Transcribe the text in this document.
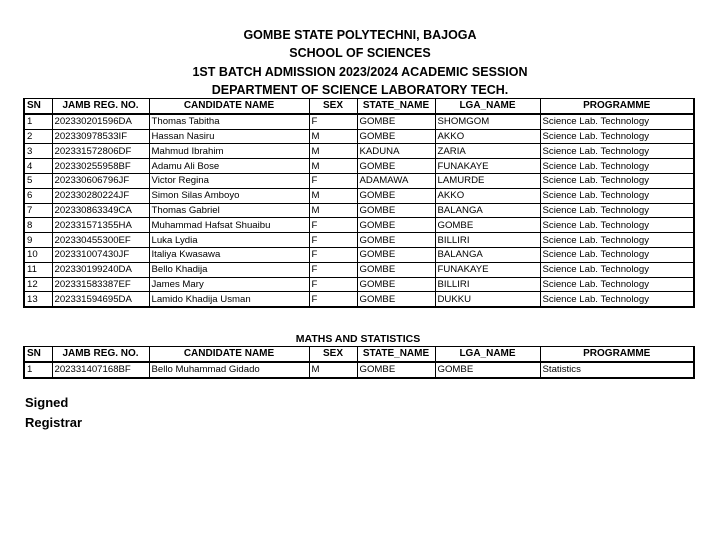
GOMBE STATE POLYTECHNI, BAJOGA
SCHOOL OF SCIENCES
1ST BATCH ADMISSION 2023/2024 ACADEMIC SESSION
DEPARTMENT OF SCIENCE LABORATORY TECH.
SN	JAMB REG. NO.	CANDIDATE NAME	SEX	STATE_NAME	LGA_NAME	PROGRAMME
1	202330201596DA	Thomas Tabitha	F	GOMBE	SHOMGOM	Science Lab. Technology
2	202330978533IF	Hassan Nasiru	M	GOMBE	AKKO	Science Lab. Technology
3	202331572806DF	Mahmud Ibrahim	M	KADUNA	ZARIA	Science Lab. Technology
4	202330255958BF	Adamu Ali Bose	M	GOMBE	FUNAKAYE	Science Lab. Technology
5	202330606796JF	Victor Regina	F	ADAMAWA	LAMURDE	Science Lab. Technology
6	202330280224JF	Simon Silas Amboyo	M	GOMBE	AKKO	Science Lab. Technology
7	202330863349CA	Thomas Gabriel	M	GOMBE	BALANGA	Science Lab. Technology
8	202331571355HA	Muhammad Hafsat Shuaibu	F	GOMBE	GOMBE	Science Lab. Technology
9	202330455300EF	Luka Lydia	F	GOMBE	BILLIRI	Science Lab. Technology
10	202331007430JF	Italiya Kwasawa	F	GOMBE	BALANGA	Science Lab. Technology
11	202330199240DA	Bello Khadija	F	GOMBE	FUNAKAYE	Science Lab. Technology
12	202331583387EF	James Mary	F	GOMBE	BILLIRI	Science Lab. Technology
13	202331594695DA	Lamido Khadija Usman	F	GOMBE	DUKKU	Science Lab. Technology
MATHS AND STATISTICS
SN	JAMB REG. NO.	CANDIDATE NAME	SEX	STATE_NAME	LGA_NAME	PROGRAMME
1	202331407168BF	Bello Muhammad Gidado	M	GOMBE	GOMBE	Statistics
Signed
Registrar
